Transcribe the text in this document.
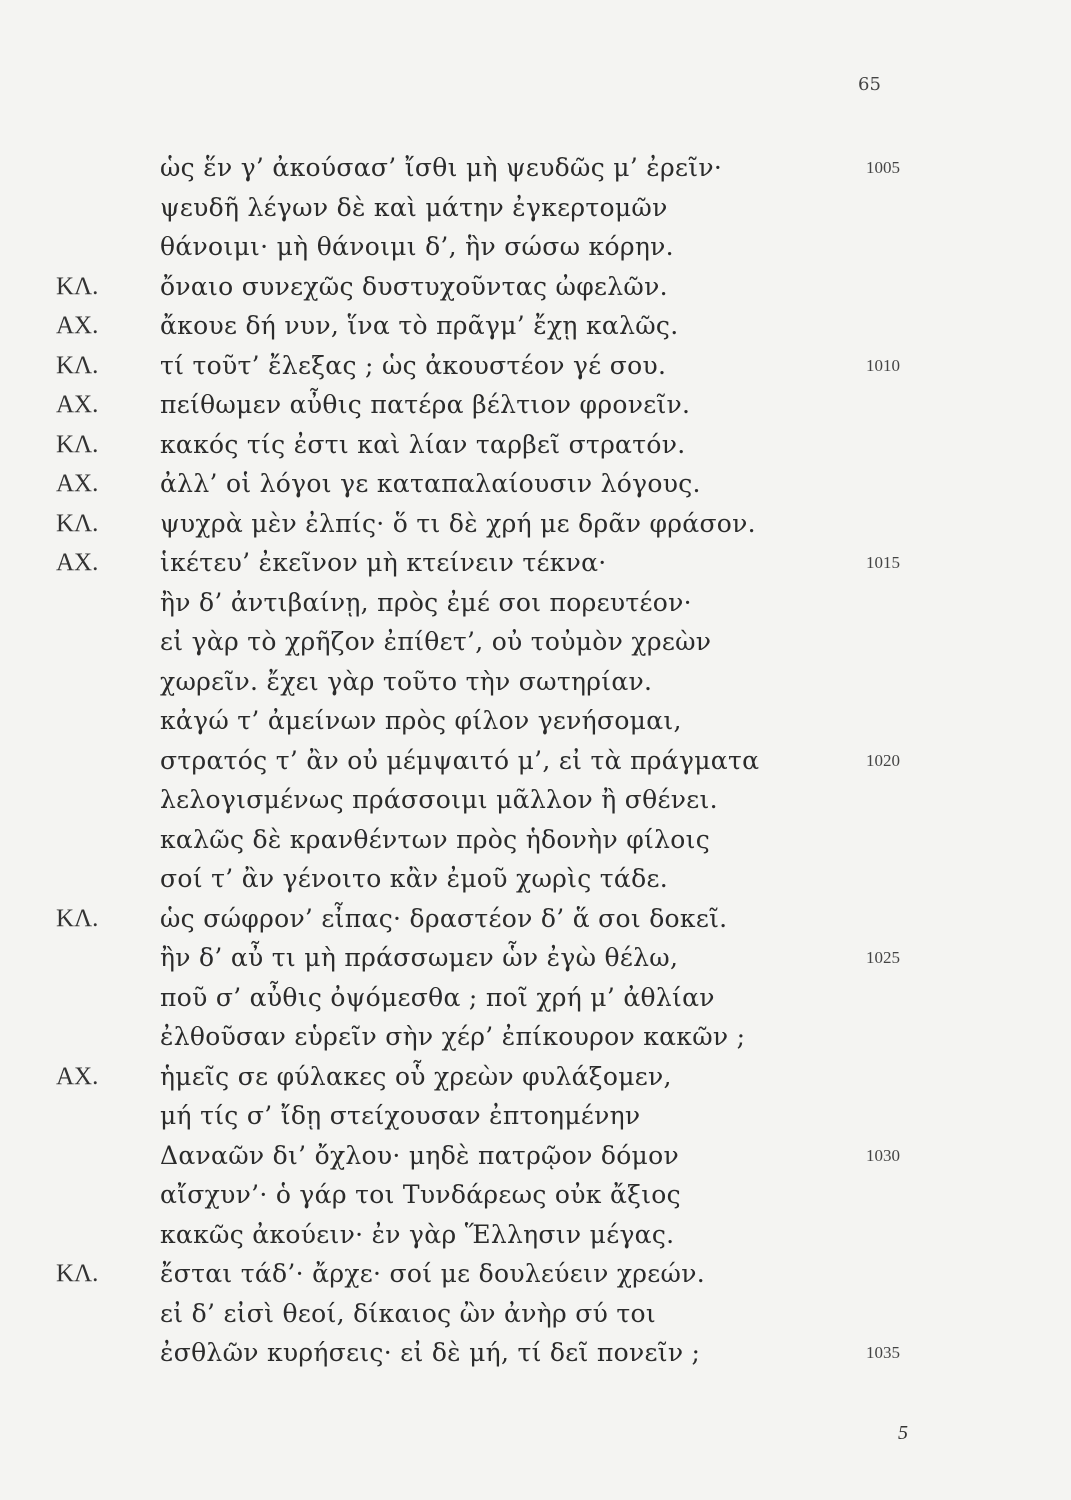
65
ὡς ἕν γ’ ἀκούσασ’ ἴσθι μὴ ψευδῶς μ’ ἐρεῖν·	1005
ψευδῆ λέγων δὲ καὶ μάτην ἐγκερτομῶν
θάνοιμι· μὴ θάνοιμι δ’, ἣν σώσω κόρην.
ΚΛ.	ὄναιο συνεχῶς δυστυχοῦντας ὠφελῶν.
ΑΧ.	ἄκουε δή νυν, ἵνα τὸ πρᾶγμ’ ἔχῃ καλῶς.
ΚΛ.	τί τοῦτ’ ἔλεξας ; ὡς ἀκουστέον γέ σου.	1010
ΑΧ.	πείθωμεν αὖθις πατέρα βέλτιον φρονεῖν.
ΚΛ.	κακός τίς ἐστι καὶ λίαν ταρβεῖ στρατόν.
ΑΧ.	ἀλλ’ οἱ λόγοι γε καταπαλαίουσιν λόγους.
ΚΛ.	ψυχρὰ μὲν ἐλπίς· ὅ τι δὲ χρή με δρᾶν φράσον.
ΑΧ.	ἱκέτευ’ ἐκεῖνον μὴ κτείνειν τέκνα·	1015
ἢν δ’ ἀντιβαίνῃ, πρὸς ἐμέ σοι πορευτέον·
εἰ γὰρ τὸ χρῆζον ἐπίθετ’, οὐ τοὐμὸν χρεὼν
χωρεῖν. ἔχει γὰρ τοῦτο τὴν σωτηρίαν.
κἀγώ τ’ ἀμείνων πρὸς φίλον γενήσομαι,
στρατός τ’ ἂν οὐ μέμψαιτό μ’, εἰ τὰ πράγματα	1020
λελογισμένως πράσσοιμι μᾶλλον ἢ σθένει.
καλῶς δὲ κρανθέντων πρὸς ἡδονὴν φίλοις
σοί τ’ ἂν γένοιτο κἂν ἐμοῦ χωρὶς τάδε.
ΚΛ.	ὡς σώφρον’ εἶπας· δραστέον δ’ ἅ σοι δοκεῖ.
ἢν δ’ αὖ τι μὴ πράσσωμεν ὧν ἐγὼ θέλω,	1025
ποῦ σ’ αὖθις ὀψόμεσθα ; ποῖ χρή μ’ ἀθλίαν
ἐλθοῦσαν εὑρεῖν σὴν χέρ’ ἐπίκουρον κακῶν ;
ΑΧ.	ἡμεῖς σε φύλακες οὗ χρεὼν φυλάξομεν,
μή τίς σ’ ἴδῃ στείχουσαν ἐπτοημένην
Δαναῶν δι’ ὄχλου· μηδὲ πατρῷον δόμον	1030
αἴσχυν’· ὁ γάρ τοι Τυνδάρεως οὐκ ἄξιος
κακῶς ἀκούειν· ἐν γὰρ Ἕλλησιν μέγας.
ΚΛ.	ἔσται τάδ’· ἄρχε· σοί με δουλεύειν χρεών.
εἰ δ’ εἰσὶ θεοί, δίκαιος ὢν ἀνὴρ σύ τοι
ἐσθλῶν κυρήσεις· εἰ δὲ μή, τί δεῖ πονεῖν ;	1035
5
